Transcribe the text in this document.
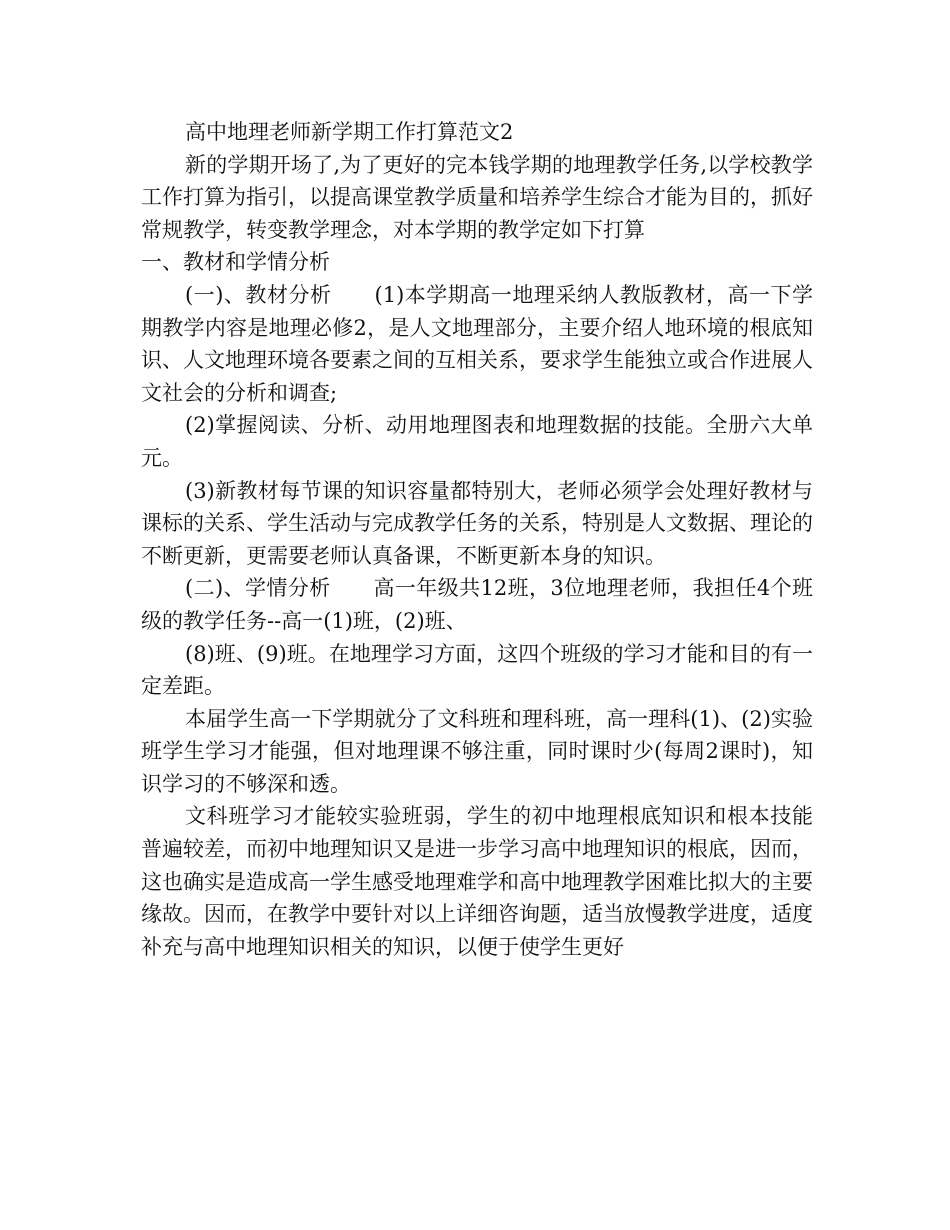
高中地理老师新学期工作打算范文2

新的学期开场了,为了更好的完本钱学期的地理教学任务,以学校教学工作打算为指引，以提高课堂教学质量和培养学生综合才能为目的，抓好常规教学，转变教学理念，对本学期的教学定如下打算

一、教材和学情分析

(一)、教材分析　　(1)本学期高一地理采纳人教版教材，高一下学期教学内容是地理必修2，是人文地理部分，主要介绍人地环境的根底知识、人文地理环境各要素之间的互相关系，要求学生能独立或合作进展人文社会的分析和调查;

(2)掌握阅读、分析、动用地理图表和地理数据的技能。全册六大单元。

(3)新教材每节课的知识容量都特别大，老师必须学会处理好教材与课标的关系、学生活动与完成教学任务的关系，特别是人文数据、理论的不断更新，更需要老师认真备课，不断更新本身的知识。

(二)、学情分析　　高一年级共12班，3位地理老师，我担任4个班级的教学任务--高一(1)班，(2)班、

(8)班、(9)班。在地理学习方面，这四个班级的学习才能和目的有一定差距。

本届学生高一下学期就分了文科班和理科班，高一理科(1)、(2)实验班学生学习才能强，但对地理课不够注重，同时课时少(每周2课时)，知识学习的不够深和透。

文科班学习才能较实验班弱，学生的初中地理根底知识和根本技能普遍较差，而初中地理知识又是进一步学习高中地理知识的根底，因而，这也确实是造成高一学生感受地理难学和高中地理教学困难比拟大的主要缘故。因而，在教学中要针对以上详细咨询题，适当放慢教学进度，适度补充与高中地理知识相关的知识，以便于使学生更好
